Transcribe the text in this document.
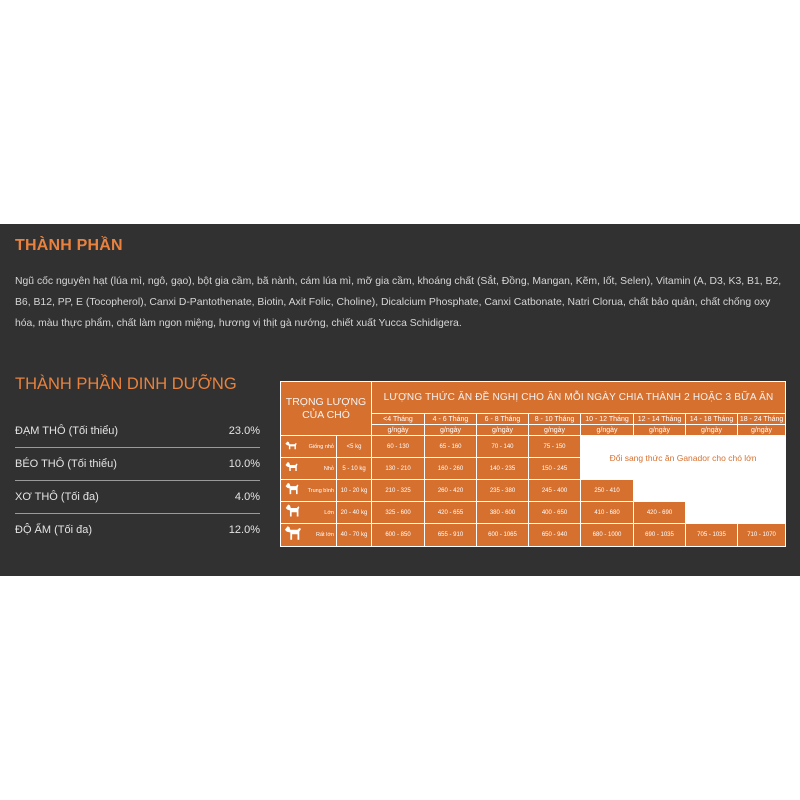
THÀNH PHẦN

Ngũ cốc nguyên hạt (lúa mì, ngô, gạo), bột gia cầm, bã nành, cám lúa mì, mỡ gia cầm, khoáng chất (Sắt, Đồng, Mangan, Kẽm, Iốt, Selen), Vitamin (A, D3, K3, B1, B2, B6, B12, PP, E (Tocopherol), Canxi D-Pantothenate, Biotin, Axit Folic, Choline), Dicalcium Phosphate, Canxi Catbonate, Natri Clorua, chất bảo quản, chất chống oxy hóa, màu thực phẩm, chất làm ngon miệng, hương vị thịt gà nướng, chiết xuất Yucca Schidigera.

THÀNH PHẦN DINH DƯỠNG
ĐẠM THÔ (Tối thiểu)	23.0%
BÉO THÔ (Tối thiểu)	10.0%
XƠ THÔ (Tối đa)	4.0%
ĐỘ ẨM (Tối đa)	12.0%
TRỌNG LƯỢNG CỦA CHÓ		LƯỢNG THỨC ĂN ĐỀ NGHỊ CHO ĂN MỖI NGÀY CHIA THÀNH 2 HOẶC 3 BỮA ĂN							
		<4 Tháng	4 - 6 Tháng	6 - 8 Tháng	8 - 10 Tháng	10 - 12 Tháng	12 - 14 Tháng	14 - 18 Tháng	18 - 24 Tháng
		g/ngày	g/ngày	g/ngày	g/ngày	g/ngày	g/ngày	g/ngày	g/ngày

Giống nhỏ	<5 kg	60 - 130	65 - 160	70 - 140	75 - 150	Đổi sang thức ăn Ganador cho chó lớn			

Nhỏ	5 - 10 kg	130 - 210	160 - 260	140 - 235	150 - 245				

Trung bình	10 - 20 kg	210 - 325	260 - 420	235 - 380	245 - 400	250 - 410			

Lớn	20 - 40 kg	325 - 600	420 - 655	380 - 600	400 - 650	410 - 680	420 - 690		

Rất lớn	40 - 70 kg	600 - 850	655 - 910	600 - 1065	650 - 940	680 - 1000	690 - 1035	705 - 1035	710 - 1070
